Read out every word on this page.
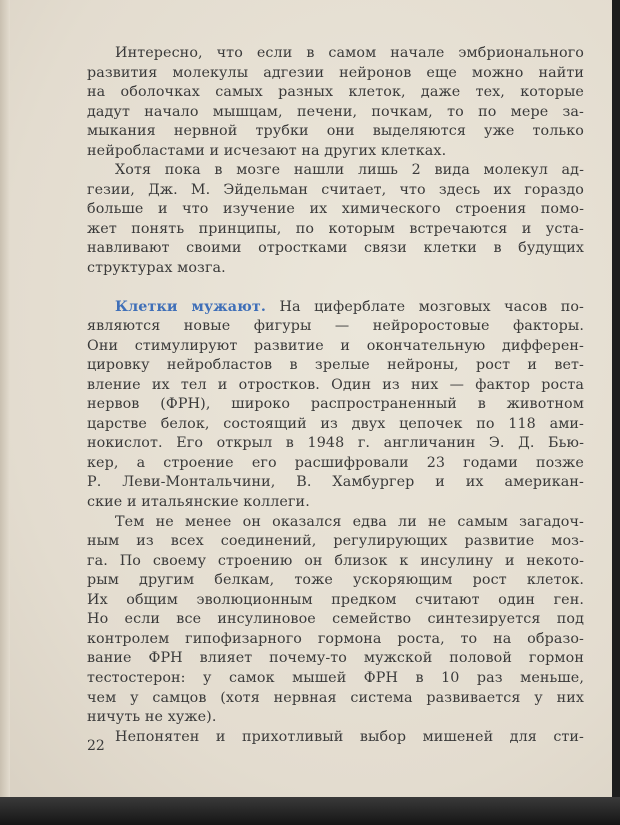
Интересно, что если в самом начале эмбрионального
развития молекулы адгезии нейронов еще можно найти
на оболочках самых разных клеток, даже тех, которые
дадут начало мышцам, печени, почкам, то по мере за-
мыкания нервной трубки они выделяются уже только
нейробластами и исчезают на других клетках.
Хотя пока в мозге нашли лишь 2 вида молекул ад-
гезии, Дж. М. Эйдельман считает, что здесь их гораздо
больше и что изучение их химического строения помо-
жет понять принципы, по которым встречаются и уста-
навливают своими отростками связи клетки в будущих
структурах мозга.
Клетки мужают. На циферблате мозговых часов по-
являются новые фигуры — нейроростовые факторы.
Они стимулируют развитие и окончательную дифферен-
цировку нейробластов в зрелые нейроны, рост и вет-
вление их тел и отростков. Один из них — фактор роста
нервов (ФРН), широко распространенный в животном
царстве белок, состоящий из двух цепочек по 118 ами-
нокислот. Его открыл в 1948 г. англичанин Э. Д. Бью-
кер, а строение его расшифровали 23 годами позже
Р. Леви-Монтальчини, В. Хамбургер и их американ-
ские и итальянские коллеги.
Тем не менее он оказался едва ли не самым загадоч-
ным из всех соединений, регулирующих развитие моз-
га. По своему строению он близок к инсулину и некото-
рым другим белкам, тоже ускоряющим рост клеток.
Их общим эволюционным предком считают один ген.
Но если все инсулиновое семейство синтезируется под
контролем гипофизарного гормона роста, то на образо-
вание ФРН влияет почему-то мужской половой гормон
тестостерон: у самок мышей ФРН в 10 раз меньше,
чем у самцов (хотя нервная система развивается у них
ничуть не хуже).
Непонятен и прихотливый выбор мишеней для сти-
22
